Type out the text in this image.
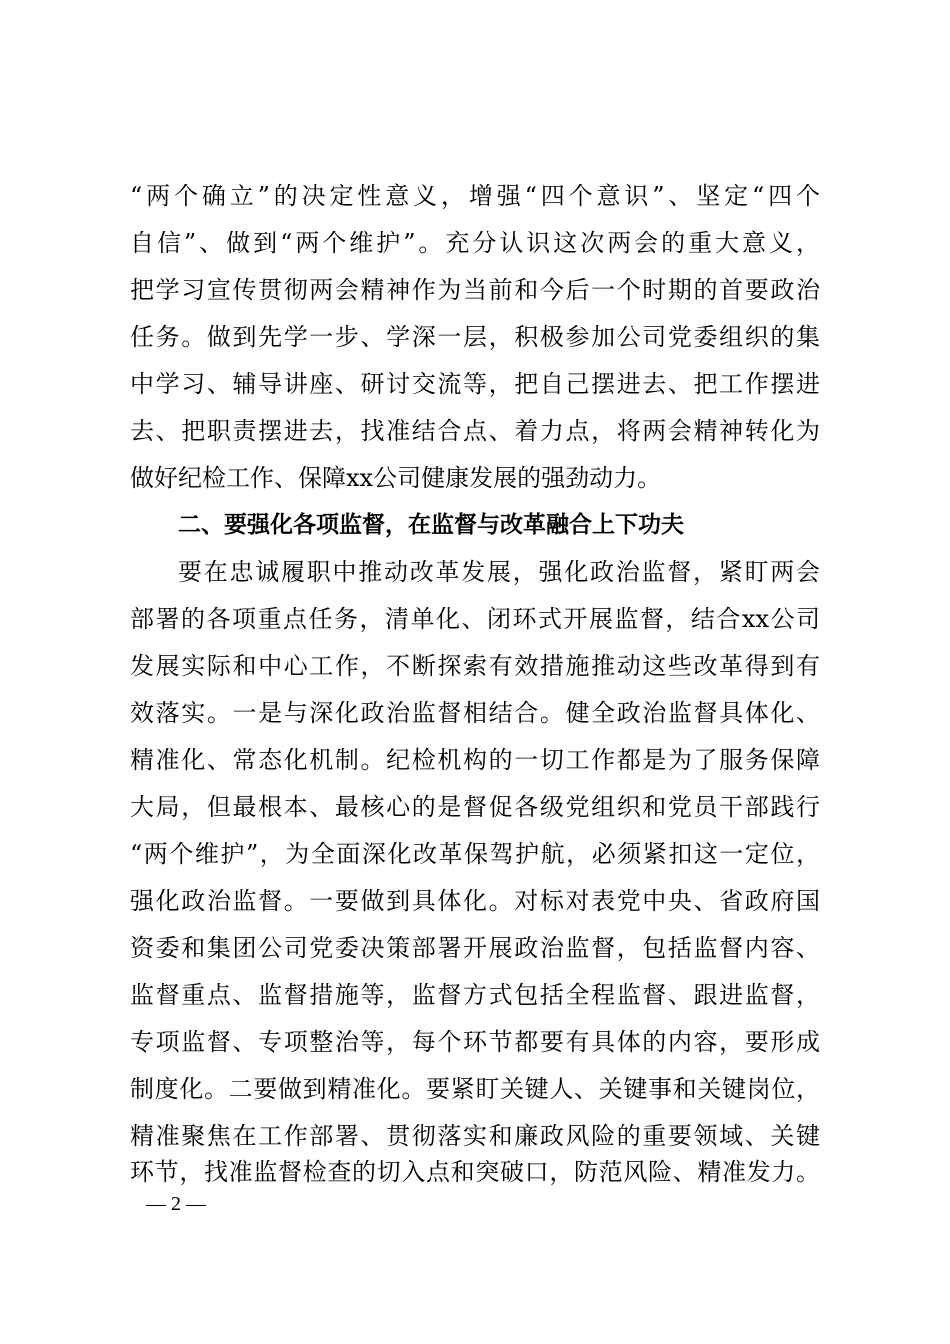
“两个确立”的决定性意义，增强“四个意识”、坚定“四个
自信”、做到“两个维护”。充分认识这次两会的重大意义，
把学习宣传贯彻两会精神作为当前和今后一个时期的首要政治
任务。做到先学一步、学深一层，积极参加公司党委组织的集
中学习、辅导讲座、研讨交流等，把自己摆进去、把工作摆进
去、把职责摆进去，找准结合点、着力点，将两会精神转化为
做好纪检工作、保障xx公司健康发展的强劲动力。
二、要强化各项监督，在监督与改革融合上下功夫
要在忠诚履职中推动改革发展，强化政治监督，紧盯两会
部署的各项重点任务，清单化、闭环式开展监督，结合xx公司
发展实际和中心工作，不断探索有效措施推动这些改革得到有
效落实。一是与深化政治监督相结合。健全政治监督具体化、
精准化、常态化机制。纪检机构的一切工作都是为了服务保障
大局，但最根本、最核心的是督促各级党组织和党员干部践行
“两个维护”，为全面深化改革保驾护航，必须紧扣这一定位，
强化政治监督。一要做到具体化。对标对表党中央、省政府国
资委和集团公司党委决策部署开展政治监督，包括监督内容、
监督重点、监督措施等，监督方式包括全程监督、跟进监督，
专项监督、专项整治等，每个环节都要有具体的内容，要形成
制度化。二要做到精准化。要紧盯关键人、关键事和关键岗位，
精准聚焦在工作部署、贯彻落实和廉政风险的重要领域、关键
环节，找准监督检查的切入点和突破口，防范风险、精准发力。
— 2 —
